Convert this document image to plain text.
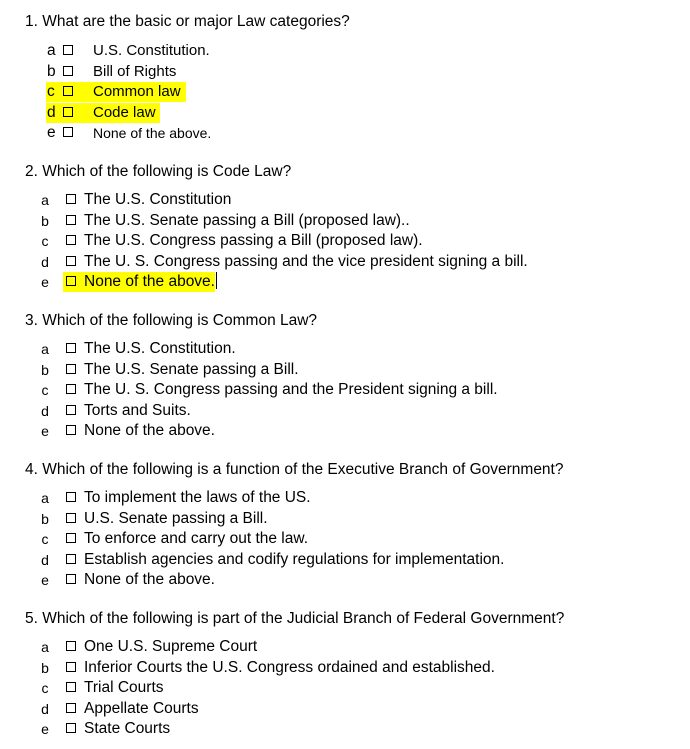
1. What are the basic or major Law categories?
a U.S. Constitution.
b Bill of Rights
c	Common law
d Code law
e	None of the above.
2. Which of the following is Code Law?
a The U.S. Constitution
b The U.S. Senate passing a Bill (proposed law)..
c The U.S. Congress passing a Bill (proposed law).
d The U. S. Congress passing and the vice president signing a bill.
e None of the above.
3. Which of the following is Common Law?
a The U.S. Constitution.
b The U.S. Senate passing a Bill.
c The U. S. Congress passing and the President signing a bill.
d Torts and Suits.
e None of the above.
4. Which of the following is a function of the Executive Branch of Government?
a To implement the laws of the US.
b U.S. Senate passing a Bill.
c To enforce and carry out the law.
d Establish agencies and codify regulations for implementation.
e None of the above.
5. Which of the following is part of the Judicial Branch of Federal Government?
a One U.S. Supreme Court
b Inferior Courts the U.S. Congress ordained and established.
c Trial Courts
d Appellate Courts
e State Courts
